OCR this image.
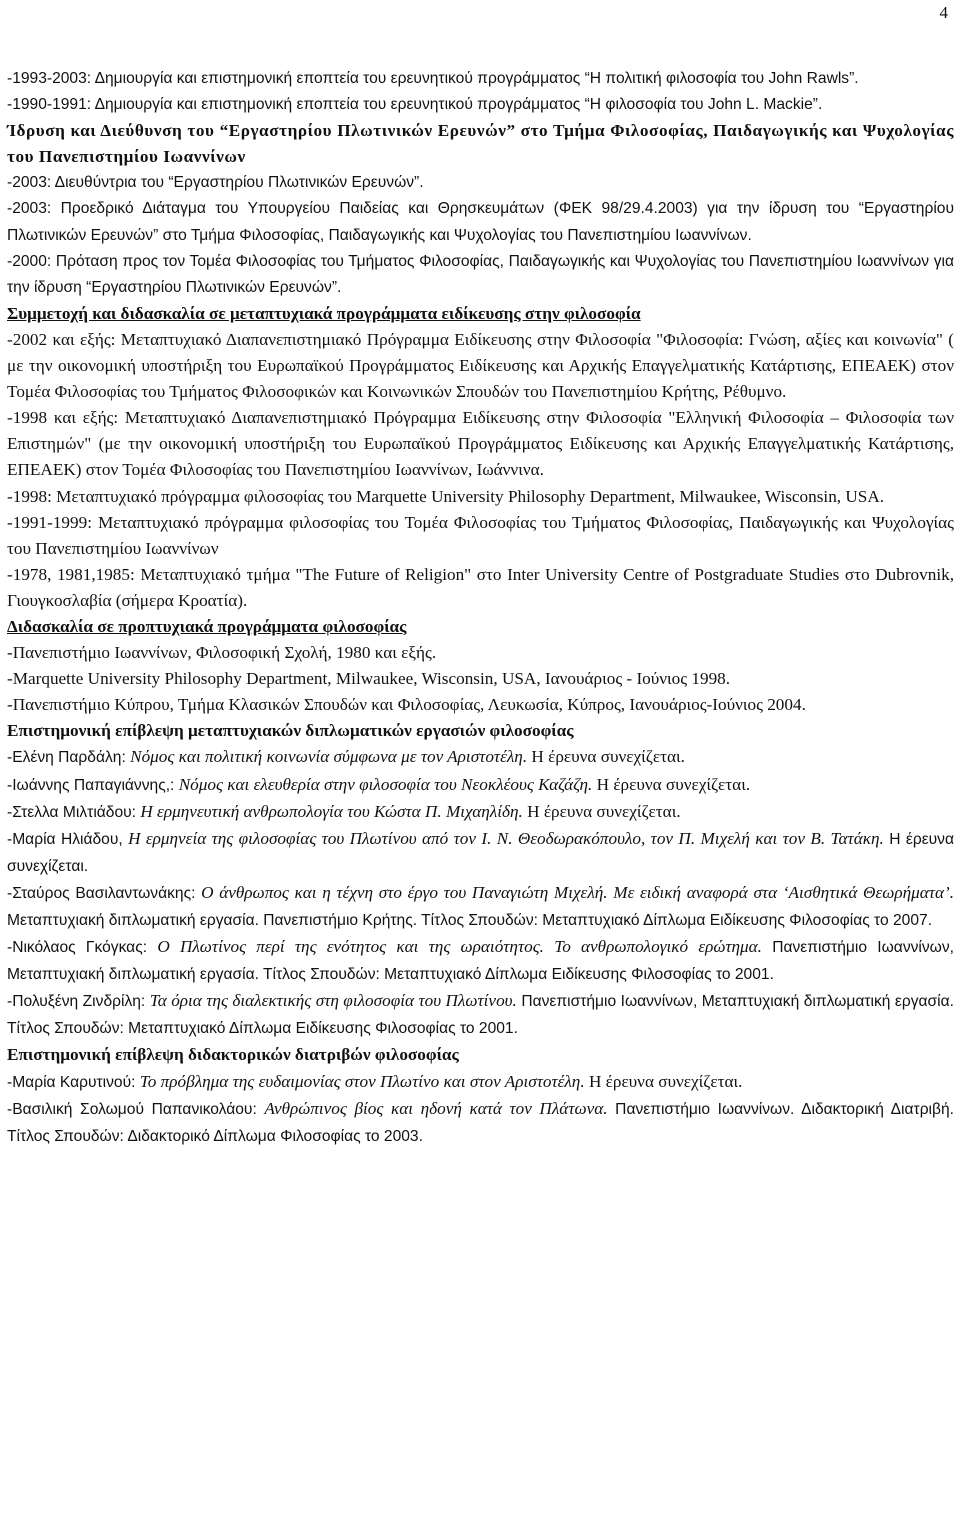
4

-1993-2003: Δημιουργία και επιστημονική εποπτεία του ερευνητικού προγράμματος “Η πολιτική φιλοσοφία του John Rawls”.

-1990-1991: Δημιουργία και επιστημονική εποπτεία του ερευνητικού προγράμματος “Η φιλοσοφία του John L. Mackie”.

Ίδρυση και Διεύθυνση του “Εργαστηρίου Πλωτινικών Ερευνών” στο Τμήμα Φιλοσοφίας, Παιδαγωγικής και Ψυχολογίας του Πανεπιστημίου Ιωαννίνων

-2003: Διευθύντρια του “Εργαστηρίου Πλωτινικών Ερευνών”.

-2003: Προεδρικό Διάταγμα του Υπουργείου Παιδείας και Θρησκευμάτων (ΦΕΚ 98/29.4.2003) για την ίδρυση του “Εργαστηρίου Πλωτινικών Ερευνών” στο Τμήμα Φιλοσοφίας, Παιδαγωγικής και Ψυχολογίας του Πανεπιστημίου Ιωαννίνων.

-2000: Πρόταση προς τον Τομέα Φιλοσοφίας του Τμήματος Φιλοσοφίας, Παιδαγωγικής και Ψυχολογίας του Πανεπιστημίου Ιωαννίνων για την ίδρυση “Εργαστηρίου Πλωτινικών Ερευνών”.

Συμμετοχή και διδασκαλία σε μεταπτυχιακά προγράμματα ειδίκευσης στην φιλοσοφία

-2002 και εξής: Μεταπτυχιακό Διαπανεπιστημιακό Πρόγραμμα Ειδίκευσης στην Φιλοσοφία "Φιλοσοφία: Γνώση, αξίες και κοινωνία" ( με την οικονομική υποστήριξη του Ευρωπαϊκού Προγράμματος Ειδίκευσης και Αρχικής Επαγγελματικής Κατάρτισης, ΕΠΕΑΕΚ) στον Τομέα Φιλοσοφίας του Τμήματος Φιλοσοφικών και Κοινωνικών Σπουδών του Πανεπιστημίου Κρήτης, Ρέθυμνο.

-1998 και εξής: Μεταπτυχιακό Διαπανεπιστημιακό Πρόγραμμα Ειδίκευσης στην Φιλοσοφία "Ελληνική Φιλοσοφία – Φιλοσοφία των Επιστημών" (με την οικονομική υποστήριξη του Ευρωπαϊκού Προγράμματος Ειδίκευσης και Αρχικής Επαγγελματικής Κατάρτισης, ΕΠΕΑΕΚ) στον Τομέα Φιλοσοφίας του Πανεπιστημίου Ιωαννίνων, Ιωάννινα.

-1998: Μεταπτυχιακό πρόγραμμα φιλοσοφίας του Marquette University Philosophy Department, Milwaukee, Wisconsin, USA.

-1991-1999: Μεταπτυχιακό πρόγραμμα φιλοσοφίας του Τομέα Φιλοσοφίας του Τμήματος Φιλοσοφίας, Παιδαγωγικής και Ψυχολογίας του Πανεπιστημίου Ιωαννίνων

-1978, 1981,1985: Μεταπτυχιακό τμήμα "The Future of Religion" στο Inter University Centre of Postgraduate Studies στο Dubrovnik, Γιουγκοσλαβία (σήμερα Κροατία).

Διδασκαλία σε προπτυχιακά προγράμματα φιλοσοφίας

-Πανεπιστήμιο Ιωαννίνων, Φιλοσοφική Σχολή, 1980 και εξής.

-Marquette University Philosophy Department, Milwaukee, Wisconsin, USA, Ιανουάριος - Ιούνιος 1998.

-Πανεπιστήμιο Κύπρου, Τμήμα Κλασικών Σπουδών και Φιλοσοφίας, Λευκωσία, Κύπρος, Ιανουάριος-Ιούνιος 2004.

Επιστημονική επίβλεψη μεταπτυχιακών διπλωματικών εργασιών φιλοσοφίας

-Ελένη Παρδάλη: Νόμος και πολιτική κοινωνία σύμφωνα με τον Αριστοτέλη. Η έρευνα συνεχίζεται.

-Ιωάννης Παπαγιάννης,: Νόμος και ελευθερία στην φιλοσοφία του Νεοκλέους Καζάζη. Η έρευνα συνεχίζεται.

-Στελλα Μιλτιάδου: Η ερμηνευτική ανθρωπολογία του Κώστα Π. Μιχαηλίδη. Η έρευνα συνεχίζεται.

-Μαρία Ηλιάδου, Η ερμηνεία της φιλοσοφίας του Πλωτίνου από τον Ι. Ν. Θεοδωρακόπουλο, τον Π. Μιχελή και τον Β. Τατάκη. Η έρευνα συνεχίζεται.

-Σταύρος Βασιλαντωνάκης: Ο άνθρωπος και η τέχνη στο έργο του Παναγιώτη Μιχελή. Με ειδική αναφορά στα ‘Αισθητικά Θεωρήματα’. Μεταπτυχιακή διπλωματική εργασία. Πανεπιστήμιο Κρήτης. Τίτλος Σπουδών: Μεταπτυχιακό Δίπλωμα Ειδίκευσης Φιλοσοφίας το 2007.

-Νικόλαος Γκόγκας: Ο Πλωτίνος περί της ενότητος και της ωραιότητος. Το ανθρωπολογικό ερώτημα. Πανεπιστήμιο Ιωαννίνων, Μεταπτυχιακή διπλωματική εργασία. Τίτλος Σπουδών: Μεταπτυχιακό Δίπλωμα Ειδίκευσης Φιλοσοφίας το 2001.

-Πολυξένη Ζινδρίλη: Τα όρια της διαλεκτικής στη φιλοσοφία του Πλωτίνου. Πανεπιστήμιο Ιωαννίνων, Μεταπτυχιακή διπλωματική εργασία. Τίτλος Σπουδών: Μεταπτυχιακό Δίπλωμα Ειδίκευσης Φιλοσοφίας το 2001.

Επιστημονική επίβλεψη διδακτορικών διατριβών φιλοσοφίας

-Μαρία Καρυτινού: Το πρόβλημα της ευδαιμονίας στον Πλωτίνο και στον Αριστοτέλη. Η έρευνα συνεχίζεται.

-Βασιλική Σολωμού Παπανικολάου: Ανθρώπινος βίος και ηδονή κατά τον Πλάτωνα. Πανεπιστήμιο Ιωαννίνων. Διδακτορική Διατριβή. Τίτλος Σπουδών: Διδακτορικό Δίπλωμα Φιλοσοφίας το 2003.
